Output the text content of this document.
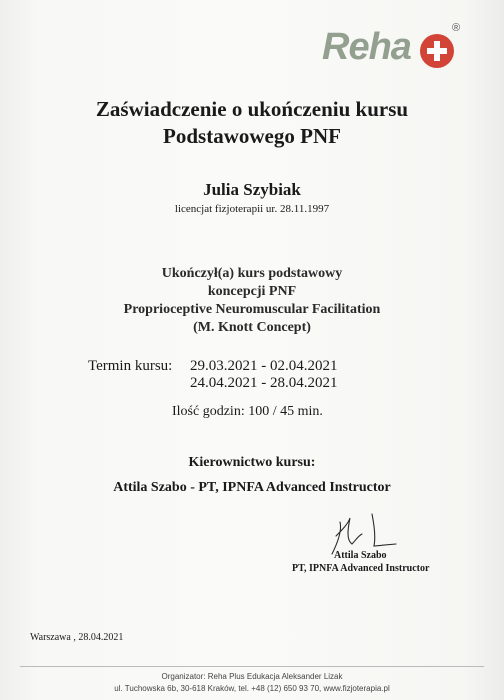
Reha	®
Zaświadczenie o ukończeniu kursu
Podstawowego PNF
Julia Szybiak
licencjat fizjoterapii ur. 28.11.1997
Ukończył(a) kurs podstawowy
koncepcji PNF
Proprioceptive Neuromuscular Facilitation
(M. Knott Concept)
Termin kursu: 29.03.2021 - 02.04.2021
24.04.2021 - 28.04.2021
Ilość godzin: 100 / 45 min.
Kierownictwo kursu:
Attila Szabo - PT, IPNFA Advanced Instructor
Attila Szabo
PT, IPNFA Advanced Instructor
Warszawa , 28.04.2021
Organizator: Reha Plus Edukacja Aleksander Lizak
ul. Tuchowska 6b, 30-618 Kraków, tel. +48 (12) 650 93 70, www.fizjoterapia.pl
